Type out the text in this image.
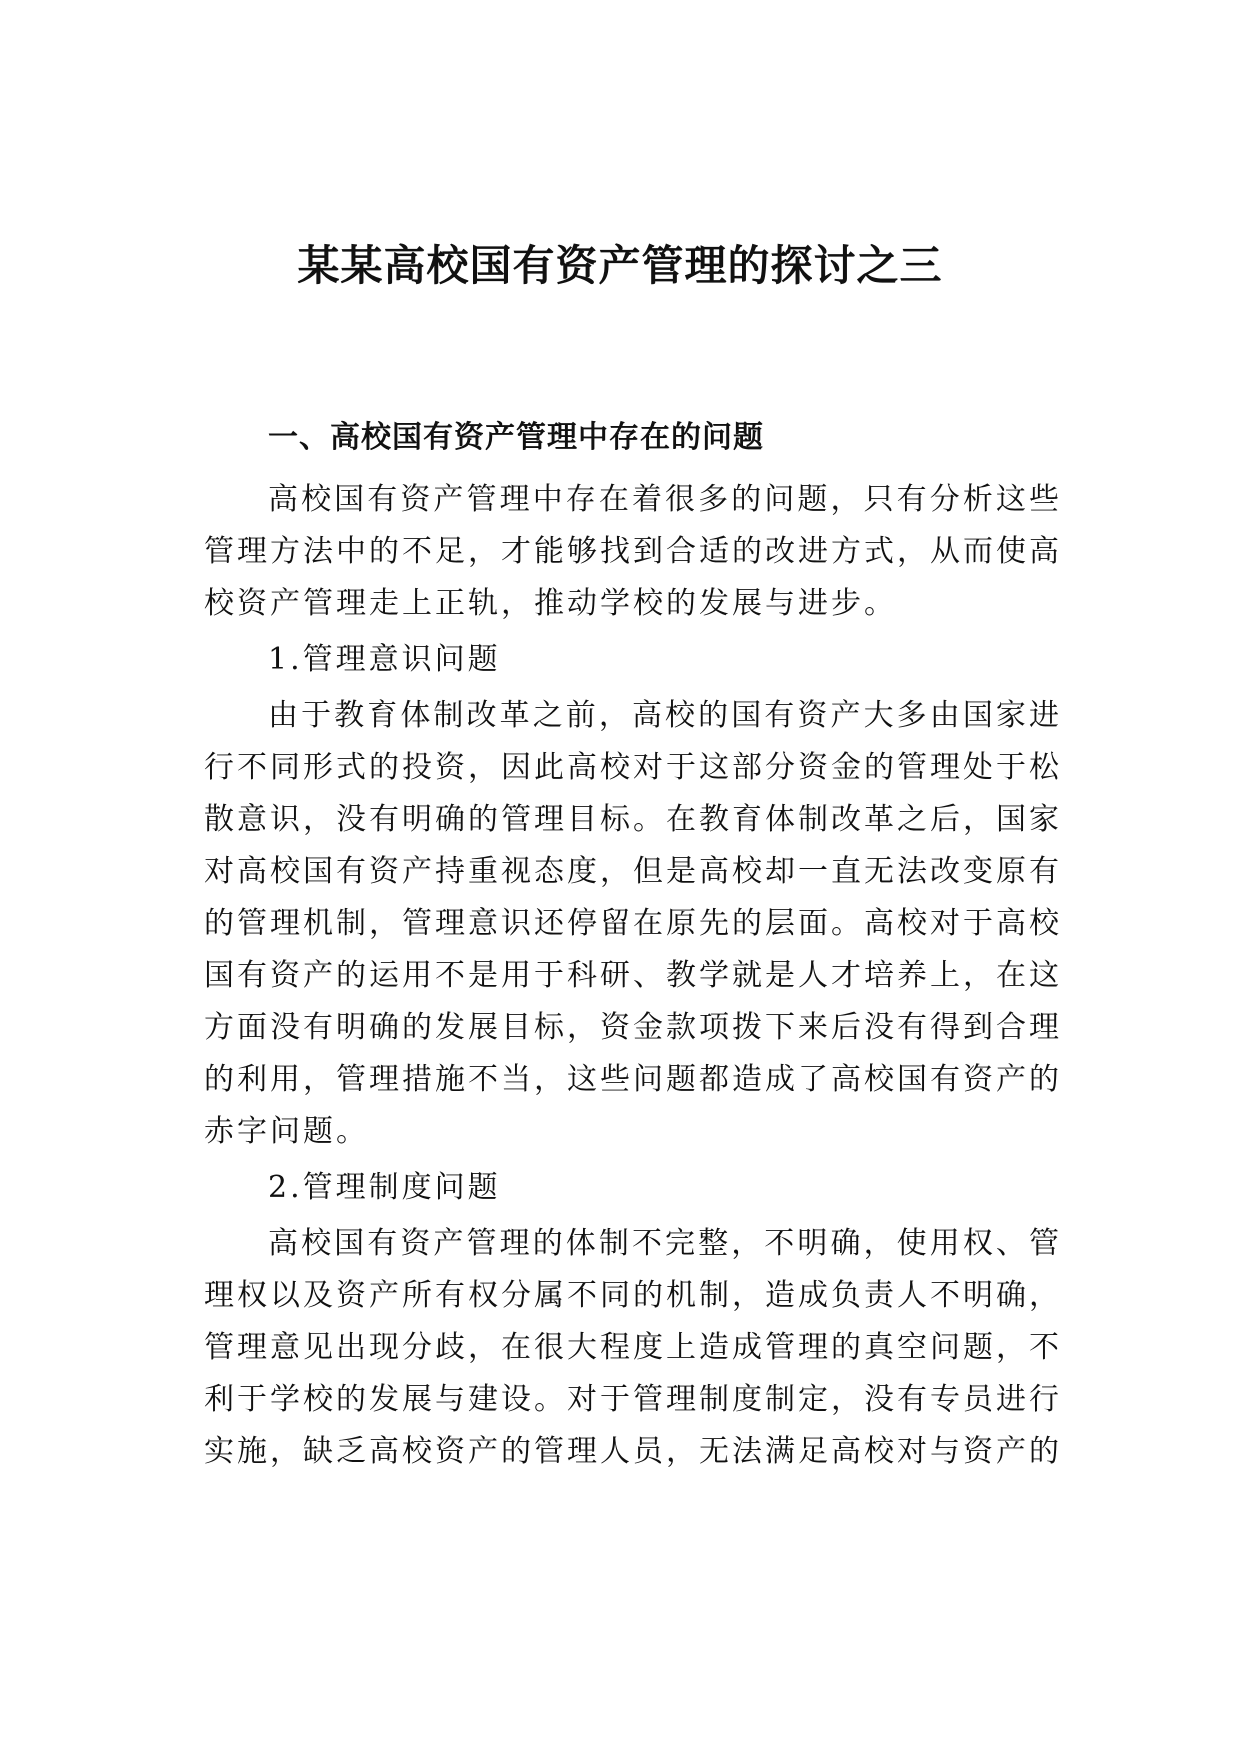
某某高校国有资产管理的探讨之三
一、高校国有资产管理中存在的问题

高校国有资产管理中存在着很多的问题，只有分析这些管理方法中的不足，才能够找到合适的改进方式，从而使高校资产管理走上正轨，推动学校的发展与进步。

1.管理意识问题

由于教育体制改革之前，高校的国有资产大多由国家进行不同形式的投资，因此高校对于这部分资金的管理处于松散意识，没有明确的管理目标。在教育体制改革之后，国家对高校国有资产持重视态度，但是高校却一直无法改变原有的管理机制，管理意识还停留在原先的层面。高校对于高校国有资产的运用不是用于科研、教学就是人才培养上，在这方面没有明确的发展目标，资金款项拨下来后没有得到合理的利用，管理措施不当，这些问题都造成了高校国有资产的赤字问题。

2.管理制度问题

高校国有资产管理的体制不完整，不明确，使用权、管理权以及资产所有权分属不同的机制，造成负责人不明确，管理意见出现分歧，在很大程度上造成管理的真空问题，不利于学校的发展与建设。对于管理制度制定，没有专员进行实施，缺乏高校资产的管理人员，无法满足高校对与资产的
